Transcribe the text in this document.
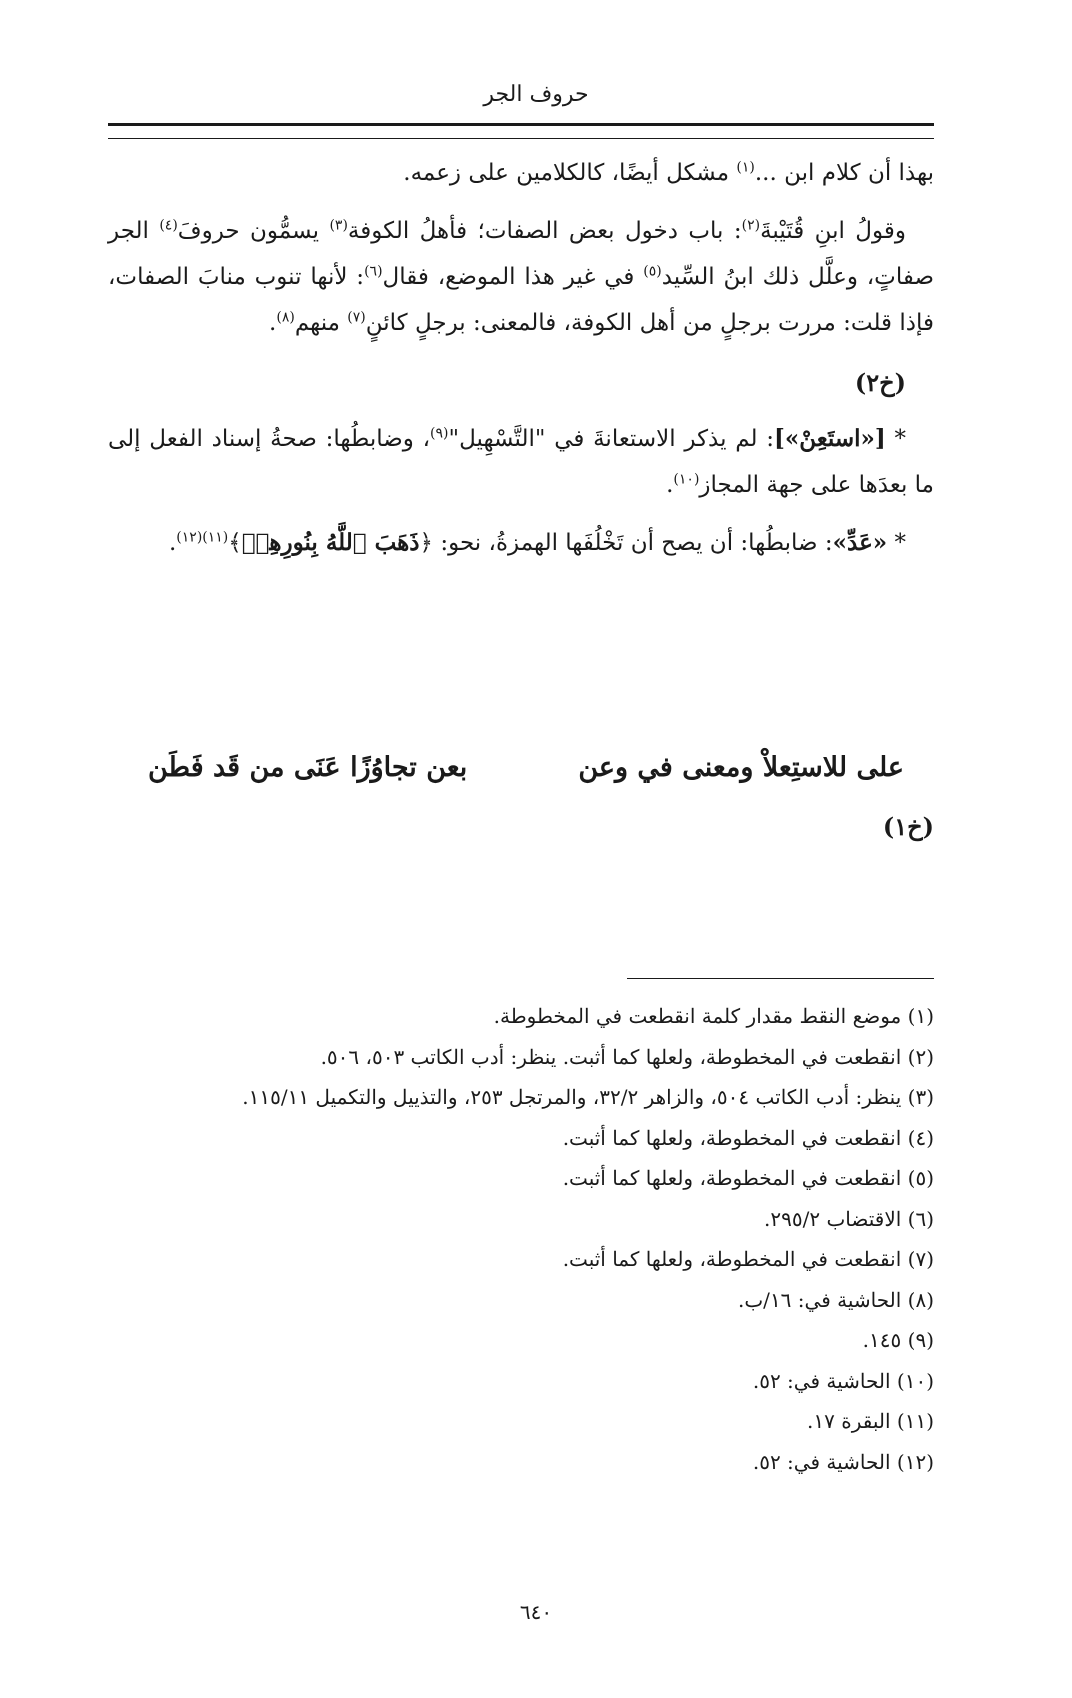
حروف الجر

بهذا أن كلام ابن ...$^{(١)}$ مشكل أيضًا، كالكلامين على زعمه.

وقولُ ابنِ قُتَيْبةَ$^{(٢)}$: باب دخول بعض الصفات؛ فأهلُ الكوفة$^{(٣)}$ يسمُّون حروفَ$^{(٤)}$ الجر صفاتٍ، وعلَّل ذلك ابنُ السِّيد$^{(٥)}$ في غير هذا الموضع، فقال$^{(٦)}$: لأنها تنوب منابَ الصفات، فإذا قلت: مررت برجلٍ من أهل الكوفة، فالمعنى: برجلٍ كائنٍ$^{(٧)}$ منهم$^{(٨)}$.

(خ٢)

* [«استَعِنْ»]: لم يذكر الاستعانةَ في "التَّسْهِيل"$^{(٩)}$، وضابطُها: صحةُ إسناد الفعل إلى ما بعدَها على جهة المجاز$^{(١٠)}$.

* «عَدِّ»: ضابطُها: أن يصح أن تَخْلُفَها الهمزةُ، نحو: ﴿ذَهَبَ ٱللَّهُ بِنُورِهِمۡ﴾$^{(١١)(١٢)}$.

على للاستِعلاْ ومعنى في وعن
بعن تجاوُزًا عَنَى من قَد فَطَن
(خ١)
(١) موضع النقط مقدار كلمة انقطعت في المخطوطة.
(٢) انقطعت في المخطوطة، ولعلها كما أثبت. ينظر: أدب الكاتب ٥٠٣، ٥٠٦.
(٣) ينظر: أدب الكاتب ٥٠٤، والزاهر ٣٢/٢، والمرتجل ٢٥٣، والتذييل والتكميل ١١٥/١١.
(٤) انقطعت في المخطوطة، ولعلها كما أثبت.
(٥) انقطعت في المخطوطة، ولعلها كما أثبت.
(٦) الاقتضاب ٢٩٥/٢.
(٧) انقطعت في المخطوطة، ولعلها كما أثبت.
(٨) الحاشية في: ١٦/ب.
(٩) ١٤٥.
(١٠) الحاشية في: ٥٢.
(١١) البقرة ١٧.
(١٢) الحاشية في: ٥٢.
٦٤٠
